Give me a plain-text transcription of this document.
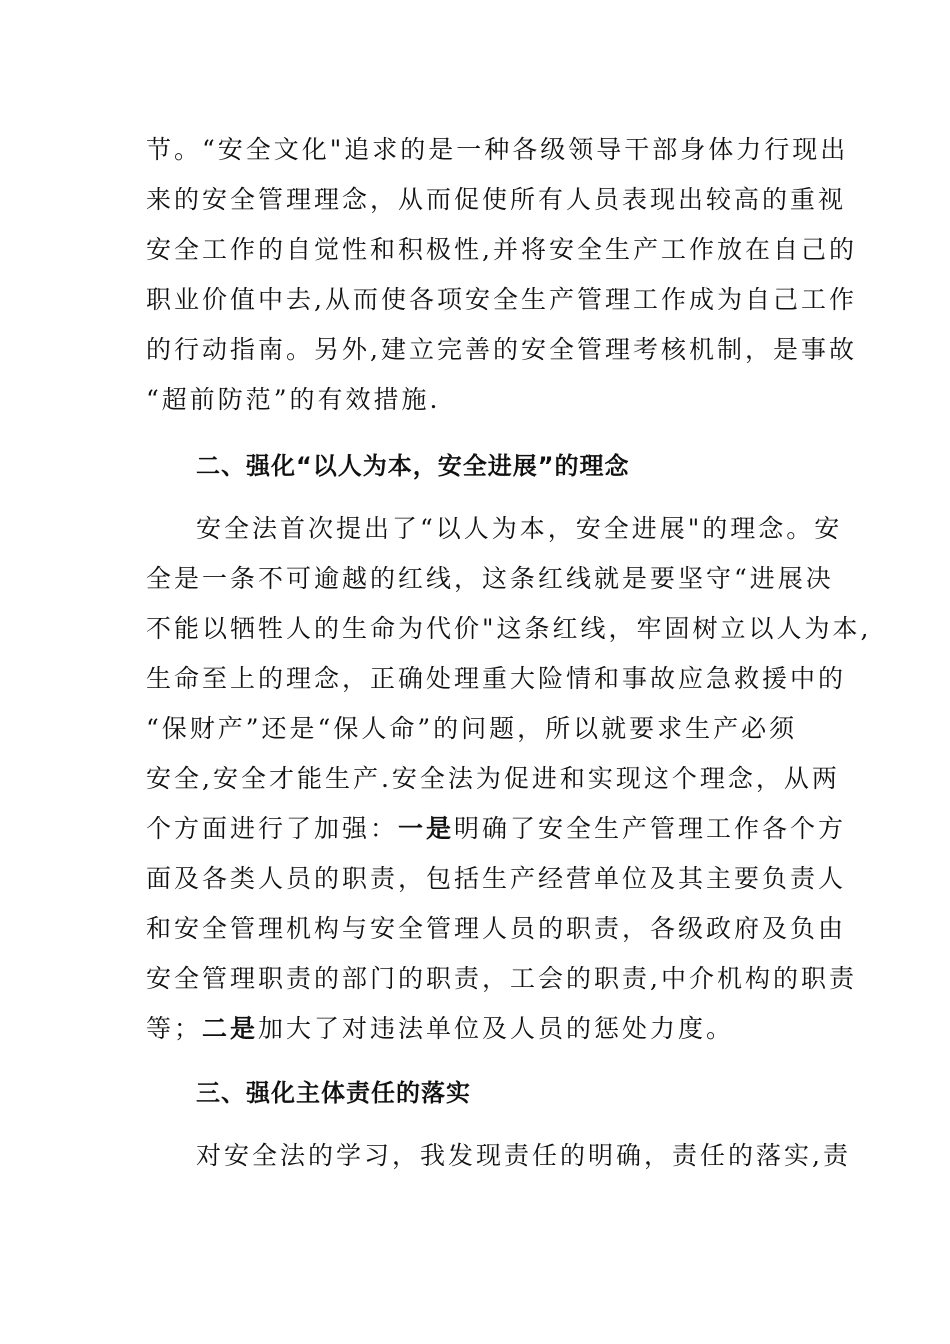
节。“安全文化"追求的是一种各级领导干部身体力行现出
来的安全管理理念，从而促使所有人员表现出较高的重视
安全工作的自觉性和积极性,并将安全生产工作放在自己的
职业价值中去,从而使各项安全生产管理工作成为自己工作
的行动指南。另外,建立完善的安全管理考核机制，是事故
“超前防范”的有效措施.
二、强化“以人为本，安全进展”的理念
安全法首次提出了“以人为本，安全进展"的理念。安
全是一条不可逾越的红线，这条红线就是要坚守“进展决
不能以牺牲人的生命为代价"这条红线，牢固树立以人为本,
生命至上的理念，正确处理重大险情和事故应急救援中的
“保财产”还是“保人命”的问题，所以就要求生产必须
安全,安全才能生产.安全法为促进和实现这个理念，从两
个方面进行了加强：一是明确了安全生产管理工作各个方
面及各类人员的职责，包括生产经营单位及其主要负责人
和安全管理机构与安全管理人员的职责，各级政府及负由
安全管理职责的部门的职责，工会的职责,中介机构的职责
等；二是加大了对违法单位及人员的惩处力度。
三、强化主体责任的落实
对安全法的学习，我发现责任的明确，责任的落实,责
